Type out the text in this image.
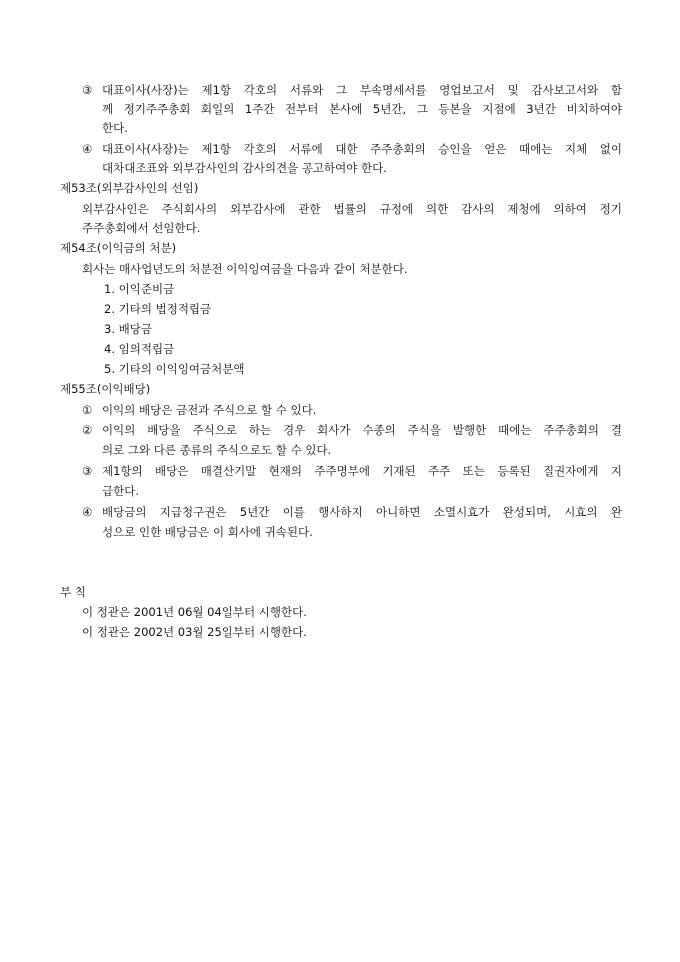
③ 대표이사(사장)는 제1항 각호의 서류와 그 부속명세서를 영업보고서 및 감사보고서와 함
께 정기주주총회 회일의 1주간 전부터 본사에 5년간, 그 등본을 지점에 3년간 비치하여야
한다.
④ 대표이사(사장)는 제1항 각호의 서류에 대한 주주총회의 승인을 얻은 때에는 지체 없이
대차대조표와 외부감사인의 감사의견을 공고하여야 한다.
제53조(외부감사인의 선임)
외부감사인은 주식회사의 외부감사에 관한 법률의 규정에 의한 감사의 제청에 의하여 정기
주주총회에서 선임한다.
제54조(이익금의 처분)
회사는 매사업년도의 처분전 이익잉여금을 다음과 같이 처분한다.
1. 이익준비금
2. 기타의 법정적립금
3. 배당금
4. 임의적립금
5. 기타의 이익잉여금처분액
제55조(이익배당)
① 이익의 배당은 금전과 주식으로 할 수 있다.
② 이익의 배당을 주식으로 하는 경우 회사가 수종의 주식을 발행한 때에는 주주총회의 결
의로 그와 다른 종류의 주식으로도 할 수 있다.
③ 제1항의 배당은 매결산기말 현재의 주주명부에 기재된 주주 또는 등록된 질권자에게 지
급한다.
④ 배당금의 지급청구권은 5년간 이를 행사하지 아니하면 소멸시효가 완성되며, 시효의 완
성으로 인한 배당금은 이 회사에 귀속된다.
부 칙
이 정관은 2001년 06월 04일부터 시행한다.
이 정관은 2002년 03월 25일부터 시행한다.
